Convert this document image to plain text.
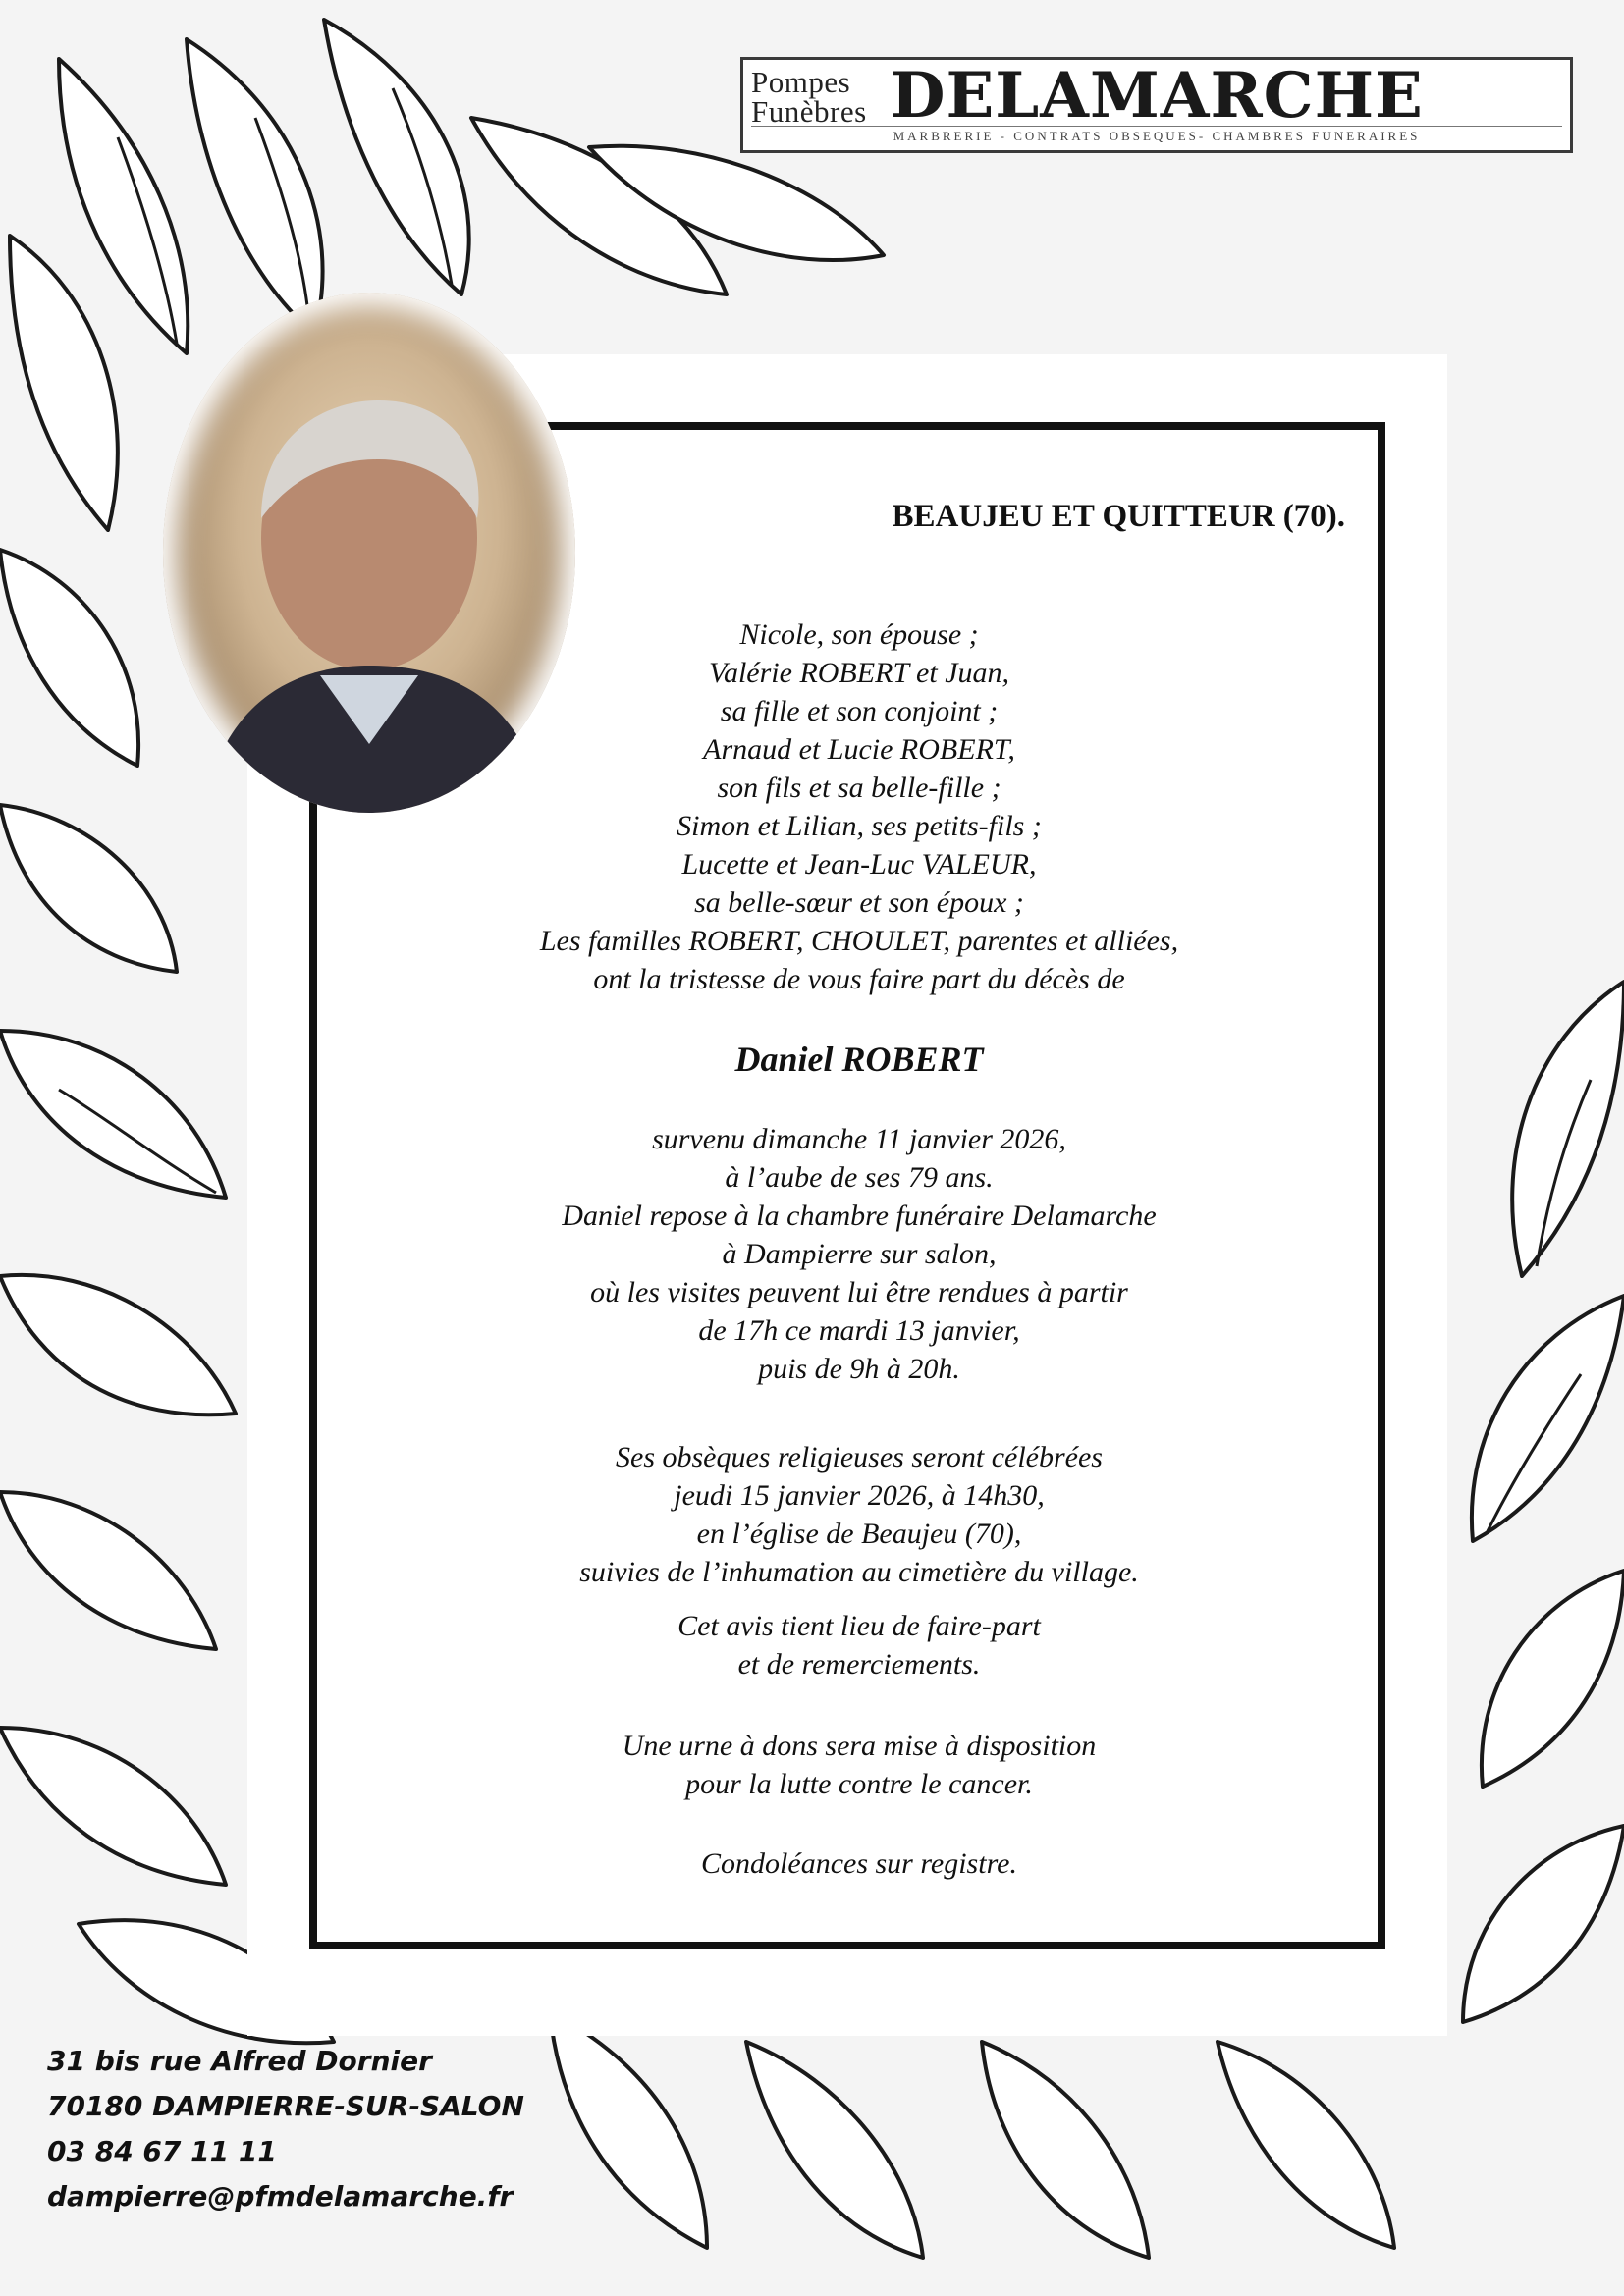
Pompes
Funèbres DELAMARCHE
MARBRERIE - CONTRATS OBSEQUES- CHAMBRES FUNERAIRES
BEAUJEU ET QUITTEUR (70).
Nicole, son épouse ;
Valérie ROBERT et Juan,
sa fille et son conjoint ;
Arnaud et Lucie ROBERT,
son fils et sa belle-fille ;
Simon et Lilian, ses petits-fils ;
Lucette et Jean-Luc VALEUR,
sa belle-sœur et son époux ;
Les familles ROBERT, CHOULET, parentes et alliées,
ont la tristesse de vous faire part du décès de
Daniel ROBERT
survenu dimanche 11 janvier 2026,
à l’aube de ses 79 ans.
Daniel repose à la chambre funéraire Delamarche
à Dampierre sur salon,
où les visites peuvent lui être rendues à partir
de 17h ce mardi 13 janvier,
puis de 9h à 20h.
Ses obsèques religieuses seront célébrées
jeudi 15 janvier 2026, à 14h30,
en l’église de Beaujeu (70),
suivies de l’inhumation au cimetière du village.
Cet avis tient lieu de faire-part
et de remerciements.
Une urne à dons sera mise à disposition
pour la lutte contre le cancer.
Condoléances sur registre.
31 bis rue Alfred Dornier
70180 DAMPIERRE-SUR-SALON
03 84 67 11 11
dampierre@pfmdelamarche.fr
